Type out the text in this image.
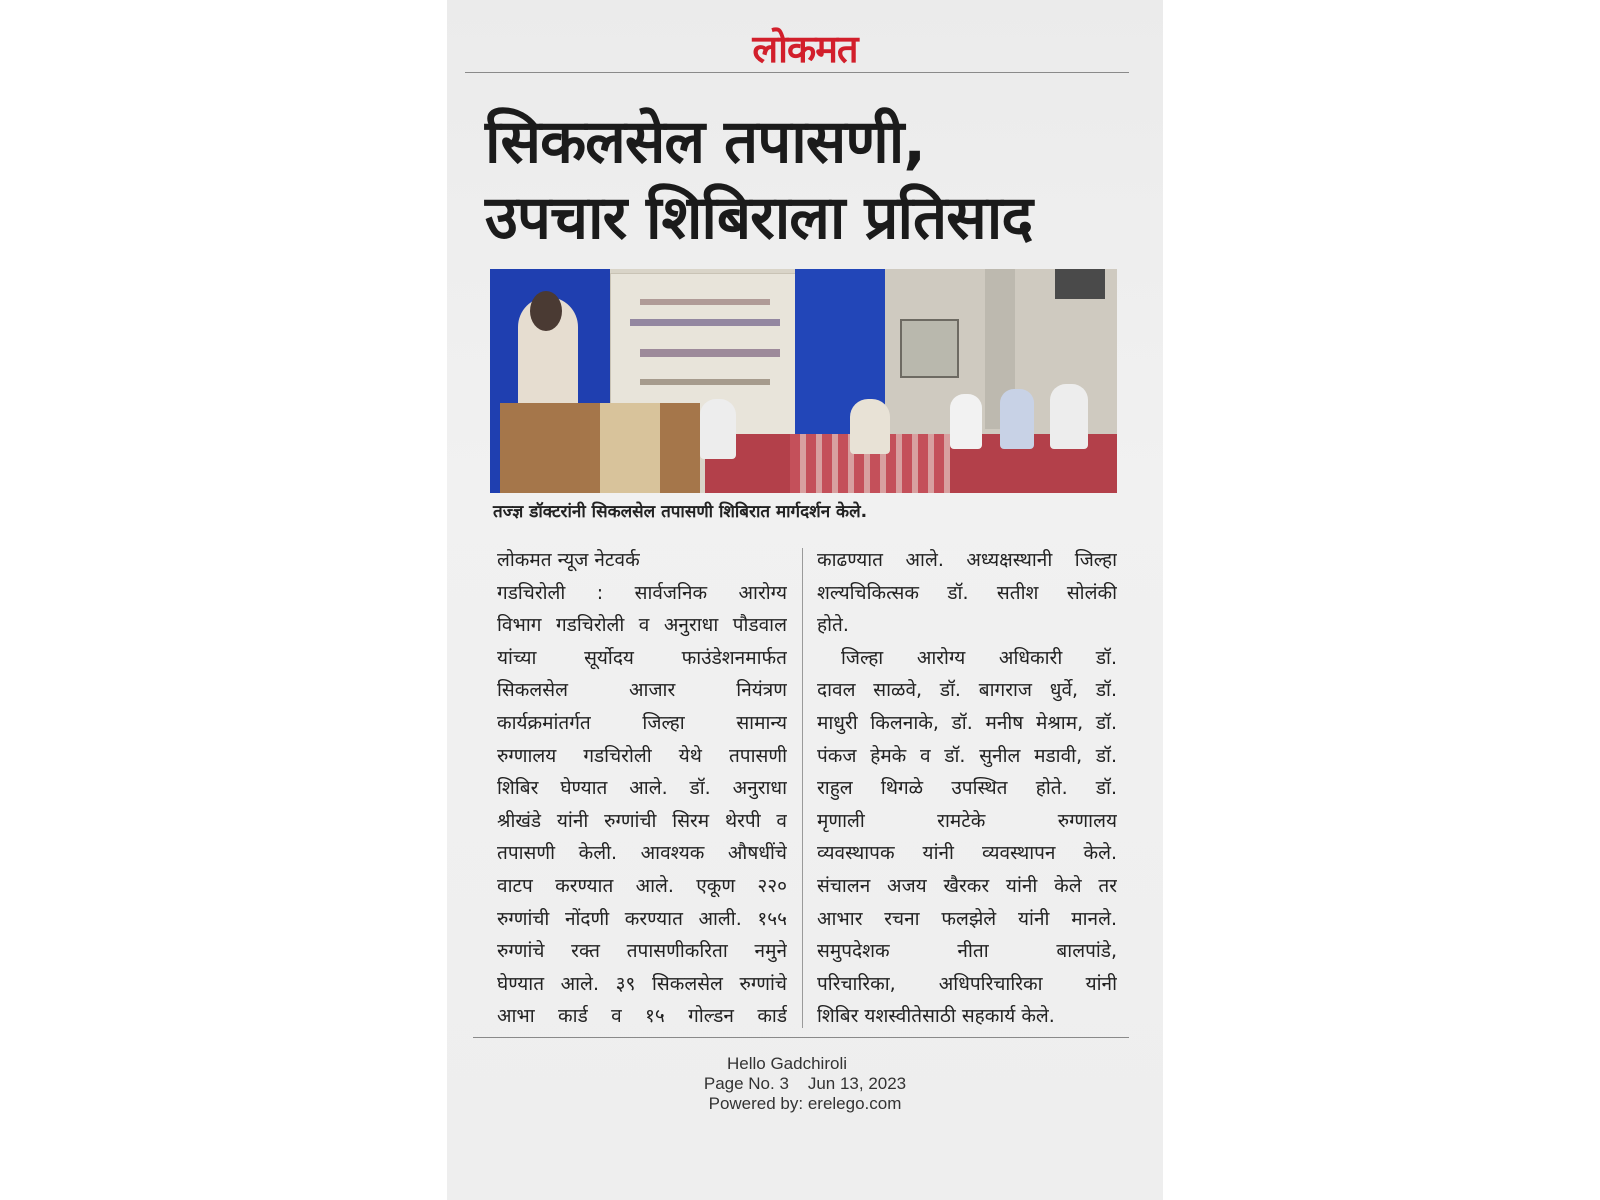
लोकमत
सिकलसेल तपासणी,
उपचार शिबिराला प्रतिसाद
तज्ज्ञ डॉक्टरांनी सिकलसेल तपासणी शिबिरात मार्गदर्शन केले.
लोकमत न्यूज नेटवर्क
गडचिरोली : सार्वजनिक आरोग्य
विभाग गडचिरोली व अनुराधा पौडवाल
यांच्या सूर्योदय फाउंडेशनमार्फत
सिकलसेल आजार नियंत्रण
कार्यक्रमांतर्गत जिल्हा सामान्य
रुग्णालय गडचिरोली येथे तपासणी
शिबिर घेण्यात आले. डॉ. अनुराधा
श्रीखंडे यांनी रुग्णांची सिरम थेरपी व
तपासणी केली. आवश्यक औषधींचे
वाटप करण्यात आले. एकूण २२०
रुग्णांची नोंदणी करण्यात आली. १५५
रुग्णांचे रक्त तपासणीकरिता नमुने
घेण्यात आले. ३९ सिकलसेल रुग्णांचे
आभा कार्ड व १५ गोल्डन कार्ड
काढण्यात आले. अध्यक्षस्थानी जिल्हा
शल्यचिकित्सक डॉ. सतीश सोलंकी
होते.
जिल्हा आरोग्य अधिकारी डॉ.
दावल साळवे, डॉ. बागराज धुर्वे, डॉ.
माधुरी किलनाके, डॉ. मनीष मेश्राम, डॉ.
पंकज हेमके व डॉ. सुनील मडावी, डॉ.
राहुल थिगळे उपस्थित होते. डॉ.
मृणाली रामटेके रुग्णालय
व्यवस्थापक यांनी व्यवस्थापन केले.
संचालन अजय खैरकर यांनी केले तर
आभार रचना फलझेले यांनी मानले.
समुपदेशक नीता बालपांडे,
परिचारिका, अधिपरिचारिका यांनी
शिबिर यशस्वीतेसाठी सहकार्य केले.
Hello Gadchiroli
Page No. 3 Jun 13, 2023
Powered by: erelego.com
